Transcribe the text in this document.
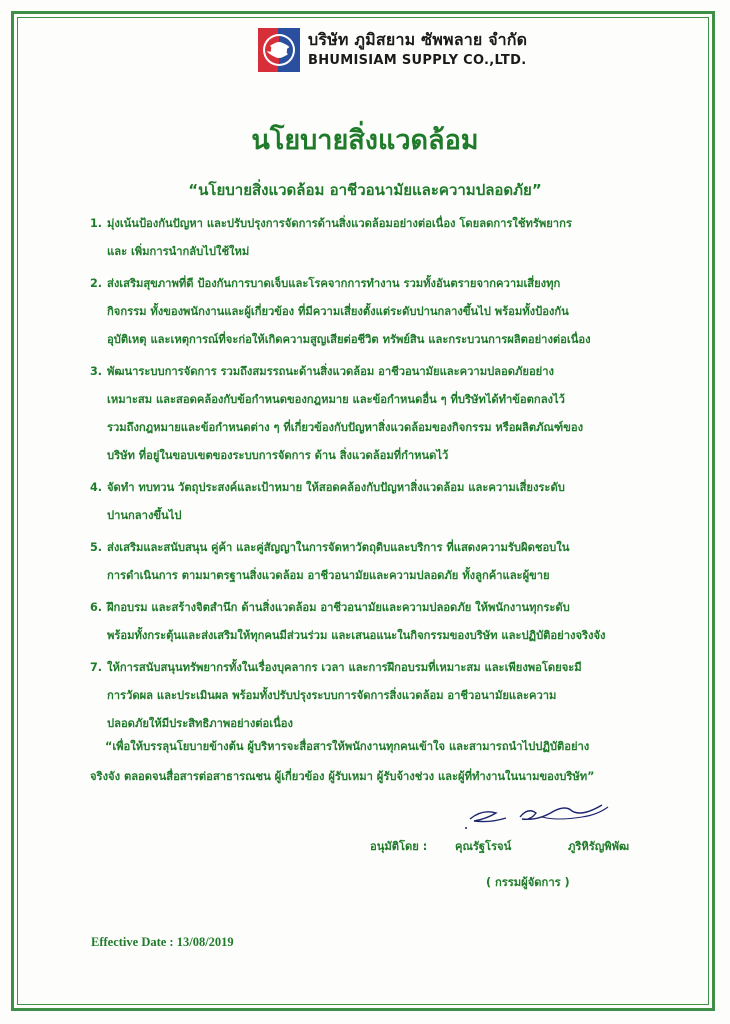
บริษัท ภูมิสยาม ซัพพลาย จำกัด
BHUMISIAM SUPPLY CO.,LTD.
นโยบายสิ่งแวดล้อม
“นโยบายสิ่งแวดล้อม อาชีวอนามัยและความปลอดภัย”
1. มุ่งเน้นป้องกันปัญหา และปรับปรุงการจัดการด้านสิ่งแวดล้อมอย่างต่อเนื่อง โดยลดการใช้ทรัพยากร
และ เพิ่มการนำกลับไปใช้ใหม่
2. ส่งเสริมสุขภาพที่ดี ป้องกันการบาดเจ็บและโรคจากการทำงาน รวมทั้งอันตรายจากความเสี่ยงทุก
กิจกรรม ทั้งของพนักงานและผู้เกี่ยวข้อง ที่มีความเสี่ยงตั้งแต่ระดับปานกลางขึ้นไป พร้อมทั้งป้องกัน
อุบัติเหตุ และเหตุการณ์ที่จะก่อให้เกิดความสูญเสียต่อชีวิต ทรัพย์สิน และกระบวนการผลิตอย่างต่อเนื่อง
3. พัฒนาระบบการจัดการ รวมถึงสมรรถนะด้านสิ่งแวดล้อม อาชีวอนามัยและความปลอดภัยอย่าง
เหมาะสม และสอดคล้องกับข้อกำหนดของกฎหมาย และข้อกำหนดอื่น ๆ ที่บริษัทได้ทำข้อตกลงไว้
รวมถึงกฎหมายและข้อกำหนดต่าง ๆ ที่เกี่ยวข้องกับปัญหาสิ่งแวดล้อมของกิจกรรม หรือผลิตภัณฑ์ของ
บริษัท ที่อยู่ในขอบเขตของระบบการจัดการ ด้าน สิ่งแวดล้อมที่กำหนดไว้
4. จัดทำ ทบทวน วัตถุประสงค์และเป้าหมาย ให้สอดคล้องกับปัญหาสิ่งแวดล้อม และความเสี่ยงระดับ
ปานกลางขึ้นไป
5. ส่งเสริมและสนับสนุน คู่ค้า และคู่สัญญาในการจัดหาวัตถุดิบและบริการ ที่แสดงความรับผิดชอบใน
การดำเนินการ ตามมาตรฐานสิ่งแวดล้อม อาชีวอนามัยและความปลอดภัย ทั้งลูกค้าและผู้ขาย
6. ฝึกอบรม และสร้างจิตสำนึก ด้านสิ่งแวดล้อม อาชีวอนามัยและความปลอดภัย ให้พนักงานทุกระดับ
พร้อมทั้งกระตุ้นและส่งเสริมให้ทุกคนมีส่วนร่วม และเสนอแนะในกิจกรรมของบริษัท และปฏิบัติอย่างจริงจัง
7. ให้การสนับสนุนทรัพยากรทั้งในเรื่องบุคลากร เวลา และการฝึกอบรมที่เหมาะสม และเพียงพอโดยจะมี
การวัดผล และประเมินผล พร้อมทั้งปรับปรุงระบบการจัดการสิ่งแวดล้อม อาชีวอนามัยและความ
ปลอดภัยให้มีประสิทธิภาพอย่างต่อเนื่อง
“เพื่อให้บรรลุนโยบายข้างต้น ผู้บริหารจะสื่อสารให้พนักงานทุกคนเข้าใจ และสามารถนำไปปฏิบัติอย่าง
จริงจัง ตลอดจนสื่อสารต่อสาธารณชน ผู้เกี่ยวข้อง ผู้รับเหมา ผู้รับจ้างช่วง และผู้ที่ทำงานในนามของบริษัท”
อนุมัติโดย : คุณรัฐโรจน์	ภูริหิรัญพิพัฒ
( กรรมผู้จัดการ )
Effective Date : 13/08/2019
